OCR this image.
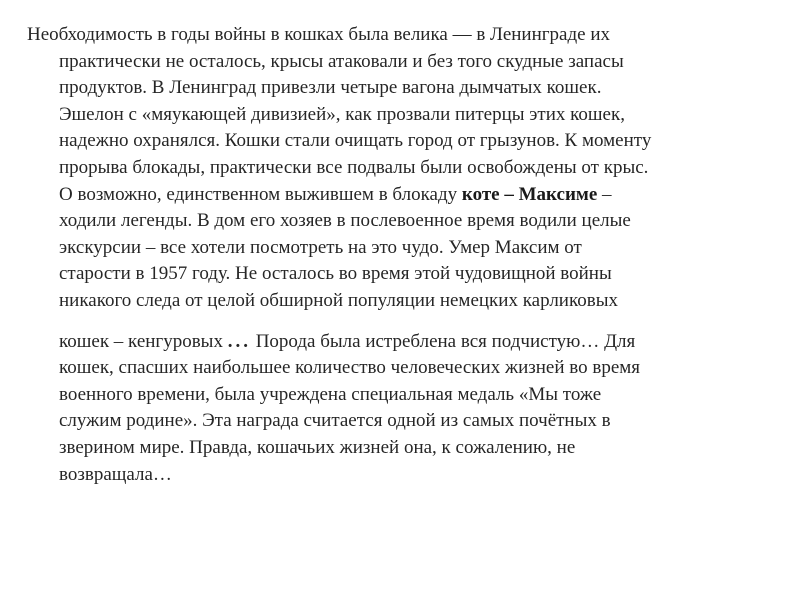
Необходимость в годы войны в кошках была велика — в Ленинграде их
практически не осталось, крысы атаковали и без того скудные запасы
продуктов. В Ленинград привезли четыре вагона дымчатых кошек.
Эшелон с «мяукающей дивизией», как прозвали питерцы этих кошек,
надежно охранялся. Кошки стали очищать город от грызунов. К моменту
прорыва блокады, практически все подвалы были освобождены от крыс.
О возможно, единственном выжившем в блокаду коте – Максиме –
ходили легенды. В дом его хозяев в послевоенное время водили целые
экскурсии – все хотели посмотреть на это чудо. Умер Максим от
старости в 1957 году. Не осталось во время этой чудовищной войны
никакого следа от целой обширной популяции немецких карликовых
кошек – кенгуровых ... Порода была истреблена вся подчистую… Для
кошек, спасших наибольшее количество человеческих жизней во время
военного времени, была учреждена специальная медаль «Мы тоже
служим родине». Эта награда считается одной из самых почётных в
зверином мире. Правда, кошачьих жизней она, к сожалению, не
возвращала…
